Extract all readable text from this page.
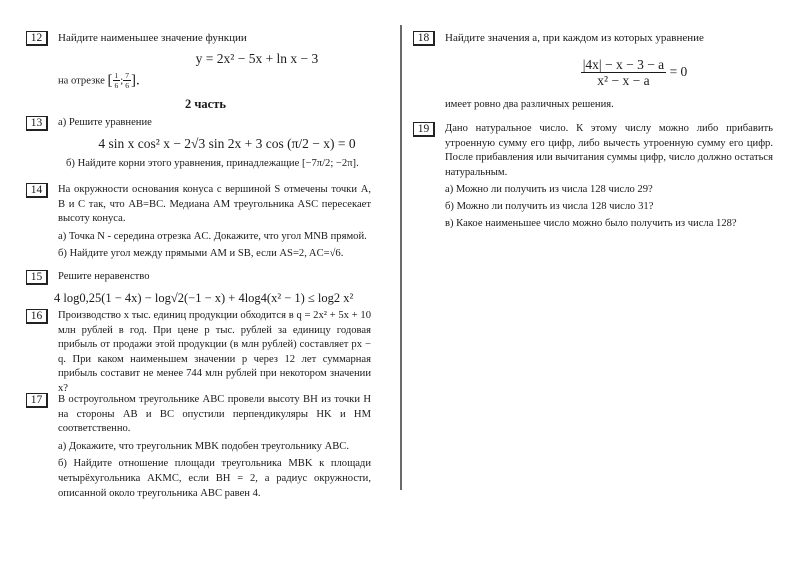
12	Найдите наименьшее значение функции
y = 2x² − 5x + ln x − 3
на отрезке [ $\frac{1}{6}$ ; $\frac{7}{6}$ ].
2 часть
13	а) Решите уравнение
4 sin x cos² x − 2√3 sin 2x + 3 cos (π/2 − x) = 0
б) Найдите корни этого уравнения, принадлежащие [−7π/2; −2π].
14	На окружности основания конуса с вершиной S отмечены точки A, B и C так, что AB=BC. Медиана AM треугольника ASC пересекает высоту конуса.
а) Точка N - середина отрезка AC. Докажите, что угол MNB прямой.
б) Найдите угол между прямыми AM и SB, если AS=2, AC=√6.
15	Решите неравенство
4 log0,25(1 − 4x) − log√2(−1 − x) + 4log4(x² − 1) ≤ log2 x²
16	Производство x тыс. единиц продукции обходится в q = 2x² + 5x + 10 млн рублей в год. При цене p тыс. рублей за единицу годовая прибыль от продажи этой продукции (в млн рублей) составляет px − q. При каком наименьшем значении p через 12 лет суммарная прибыль составит не менее 744 млн рублей при некотором значении x?
17	В остроугольном треугольнике ABC провели высоту BH из точки H на стороны AB и BC опустили перпендикуляры HK и HM соответственно.
а) Докажите, что треугольник MBK подобен треугольнику ABC.
б) Найдите отношение площади треугольника MBK к площади четырёхугольника AKMC, если BH = 2, а радиус окружности, описанной около треугольника ABC равен 4.
18	Найдите значения a, при каждом из которых уравнение
$\frac{|4x| - x - 3 - a}{\text{x² − x − a}} = 0$
имеет ровно два различных решения.
19	Дано натуральное число. К этому числу можно либо прибавить утроенную сумму его цифр, либо вычесть утроенную сумму его цифр. После прибавления или вычитания суммы цифр, число должно остаться натуральным.
а) Можно ли получить из числа 128 число 29?
б) Можно ли получить из числа 128 число 31?
в) Какое наименьшее число можно было получить из числа 128?
